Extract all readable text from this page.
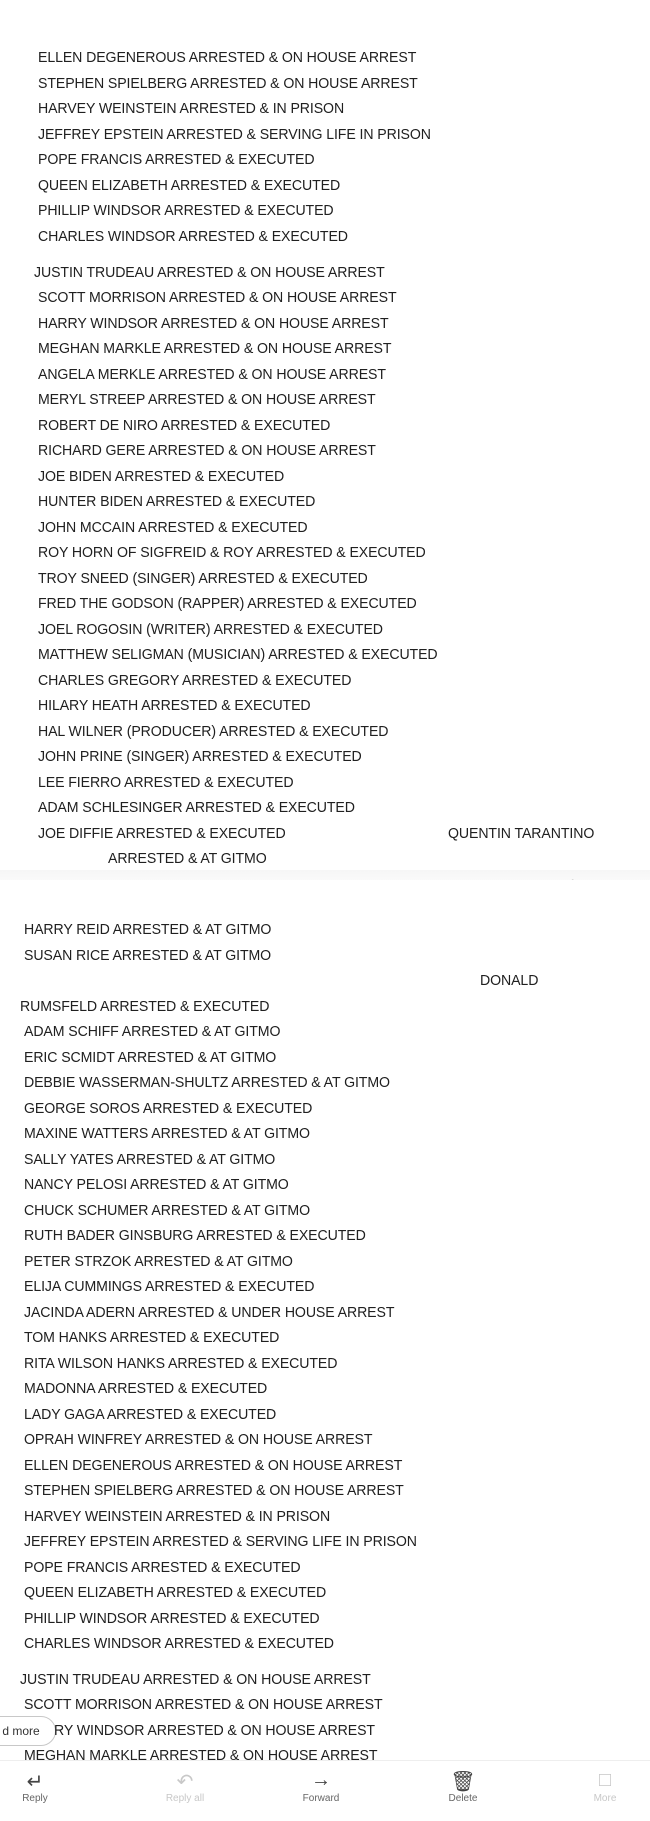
d more
↵
Reply
↶
Reply all
→
Forward
🗑
Delete
□
More
ELLEN DEGENEROUS ARRESTED & ON HOUSE ARREST
STEPHEN SPIELBERG ARRESTED & ON HOUSE ARREST
HARVEY WEINSTEIN ARRESTED & IN PRISON
JEFFREY EPSTEIN ARRESTED & SERVING LIFE IN PRISON
POPE FRANCIS ARRESTED & EXECUTED
QUEEN ELIZABETH ARRESTED & EXECUTED
PHILLIP WINDSOR ARRESTED & EXECUTED
CHARLES WINDSOR ARRESTED & EXECUTED
JUSTIN TRUDEAU ARRESTED & ON HOUSE ARREST
SCOTT MORRISON ARRESTED & ON HOUSE ARREST
HARRY WINDSOR ARRESTED & ON HOUSE ARREST
MEGHAN MARKLE ARRESTED & ON HOUSE ARREST
ANGELA MERKLE ARRESTED & ON HOUSE ARREST
MERYL STREEP ARRESTED & ON HOUSE ARREST
ROBERT DE NIRO ARRESTED & EXECUTED
RICHARD GERE ARRESTED & ON HOUSE ARREST
JOE BIDEN ARRESTED & EXECUTED
HUNTER BIDEN ARRESTED & EXECUTED
JOHN MCCAIN ARRESTED & EXECUTED
ROY HORN OF SIGFREID & ROY ARRESTED & EXECUTED
TROY SNEED (SINGER) ARRESTED & EXECUTED
FRED THE GODSON (RAPPER) ARRESTED & EXECUTED
JOEL ROGOSIN (WRITER) ARRESTED & EXECUTED
MATTHEW SELIGMAN (MUSICIAN) ARRESTED & EXECUTED
CHARLES GREGORY ARRESTED & EXECUTED
HILARY HEATH ARRESTED & EXECUTED
HAL WILNER (PRODUCER) ARRESTED & EXECUTED
JOHN PRINE (SINGER) ARRESTED & EXECUTED
LEE FIERRO ARRESTED & EXECUTED
ADAM SCHLESINGER ARRESTED & EXECUTED
JOE DIFFIE ARRESTED & EXECUTED	QUENTIN TARANTINO
ARRESTED & AT GITMO
HARRY REID ARRESTED & AT GITMO
SUSAN RICE ARRESTED & AT GITMO
DONALD
RUMSFELD ARRESTED & EXECUTED
ADAM SCHIFF ARRESTED & AT GITMO
ERIC SCMIDT ARRESTED & AT GITMO
DEBBIE WASSERMAN-SHULTZ ARRESTED & AT GITMO
GEORGE SOROS ARRESTED & EXECUTED
MAXINE WATTERS ARRESTED & AT GITMO
SALLY YATES ARRESTED & AT GITMO
NANCY PELOSI ARRESTED & AT GITMO
CHUCK SCHUMER ARRESTED & AT GITMO
RUTH BADER GINSBURG ARRESTED & EXECUTED
PETER STRZOK ARRESTED & AT GITMO
ELIJA CUMMINGS ARRESTED & EXECUTED
JACINDA ADERN ARRESTED & UNDER HOUSE ARREST
TOM HANKS ARRESTED & EXECUTED
RITA WILSON HANKS ARRESTED & EXECUTED
MADONNA ARRESTED & EXECUTED
LADY GAGA ARRESTED & EXECUTED
OPRAH WINFREY ARRESTED & ON HOUSE ARREST
ELLEN DEGENEROUS ARRESTED & ON HOUSE ARREST
STEPHEN SPIELBERG ARRESTED & ON HOUSE ARREST
HARVEY WEINSTEIN ARRESTED & IN PRISON
JEFFREY EPSTEIN ARRESTED & SERVING LIFE IN PRISON
POPE FRANCIS ARRESTED & EXECUTED
QUEEN ELIZABETH ARRESTED & EXECUTED
PHILLIP WINDSOR ARRESTED & EXECUTED
CHARLES WINDSOR ARRESTED & EXECUTED
JUSTIN TRUDEAU ARRESTED & ON HOUSE ARREST
SCOTT MORRISON ARRESTED & ON HOUSE ARREST
RY WINDSOR ARRESTED & ON HOUSE ARREST
MEGHAN MARKLE ARRESTED & ON HOUSE ARREST
